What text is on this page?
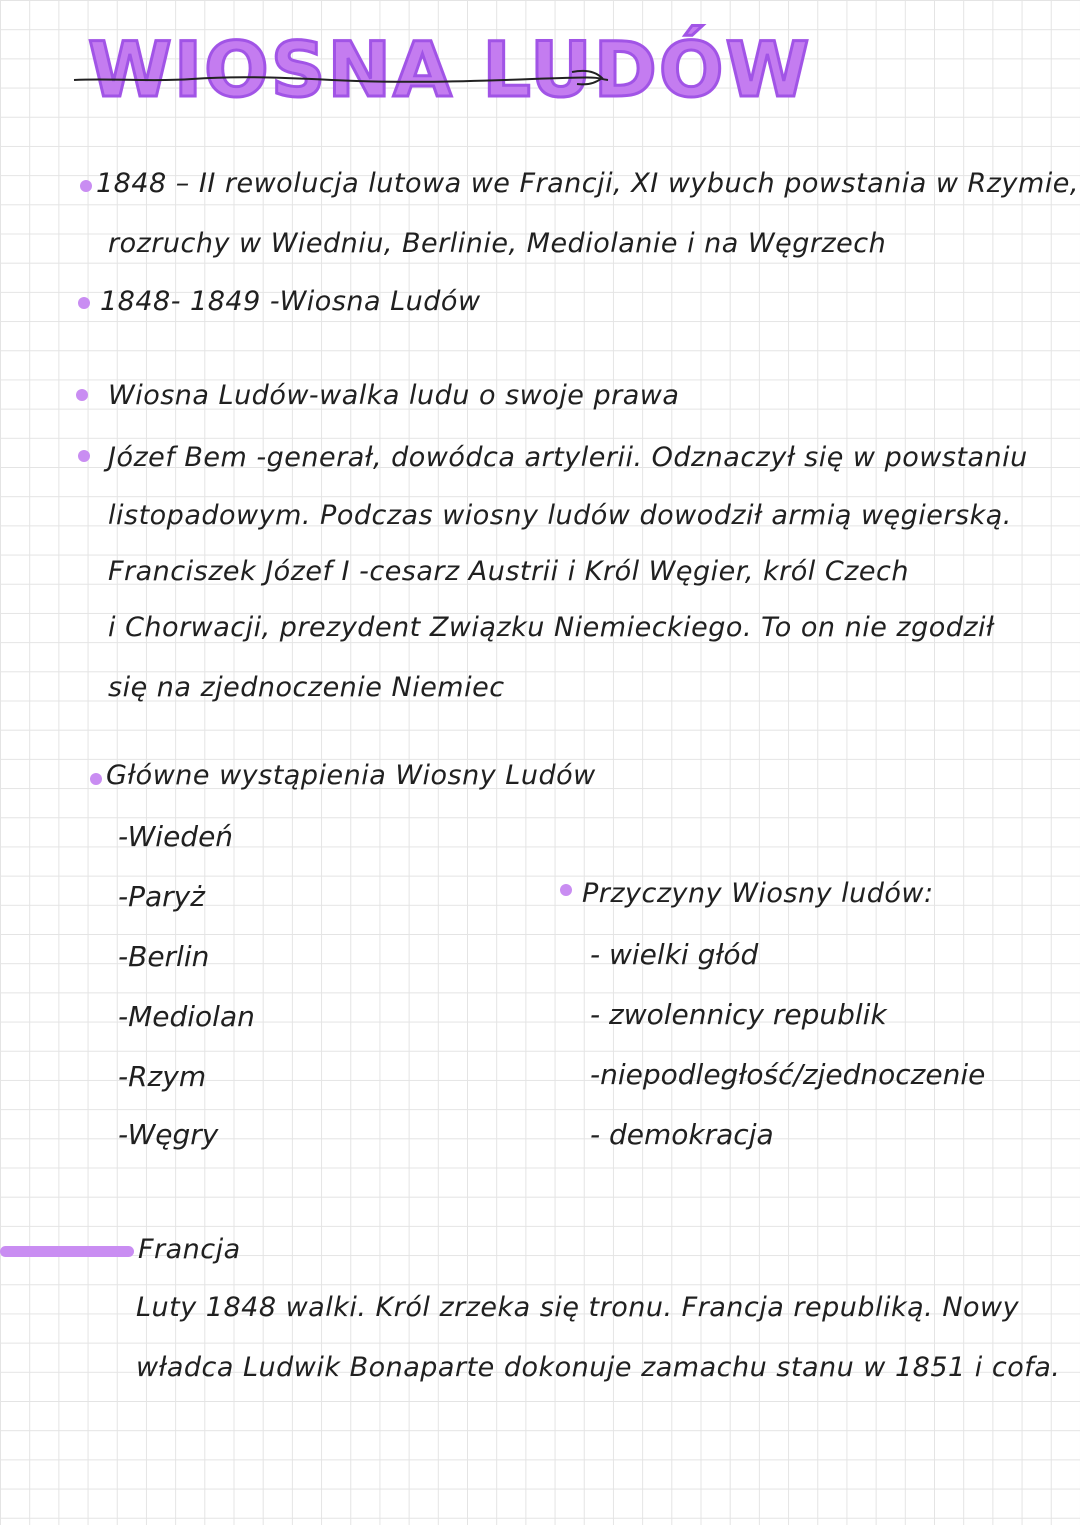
WIOSNA LUDÓW
1848 – II rewolucja lutowa we Francji, XI wybuch powstania w Rzymie,
rozruchy w Wiedniu, Berlinie, Mediolanie i na Węgrzech
1848- 1849 -Wiosna Ludów
Wiosna Ludów-walka ludu o swoje prawa
Józef Bem -generał, dowódca artylerii. Odznaczył się w powstaniu
listopadowym. Podczas wiosny ludów dowodził armią węgierską.
Franciszek Józef I -cesarz Austrii i Król Węgier, król Czech
i Chorwacji, prezydent Związku Niemieckiego. To on nie zgodził
się na zjednoczenie Niemiec
Główne wystąpienia Wiosny Ludów
-Wiedeń
-Paryż
-Berlin
-Mediolan
-Rzym
-Węgry
Przyczyny Wiosny ludów:
- wielki głód
- zwolennicy republik
-niepodległość/zjednoczenie
- demokracja
Francja
Luty 1848 walki. Król zrzeka się tronu. Francja republiką. Nowy
władca Ludwik Bonaparte dokonuje zamachu stanu w 1851 i cofa.
